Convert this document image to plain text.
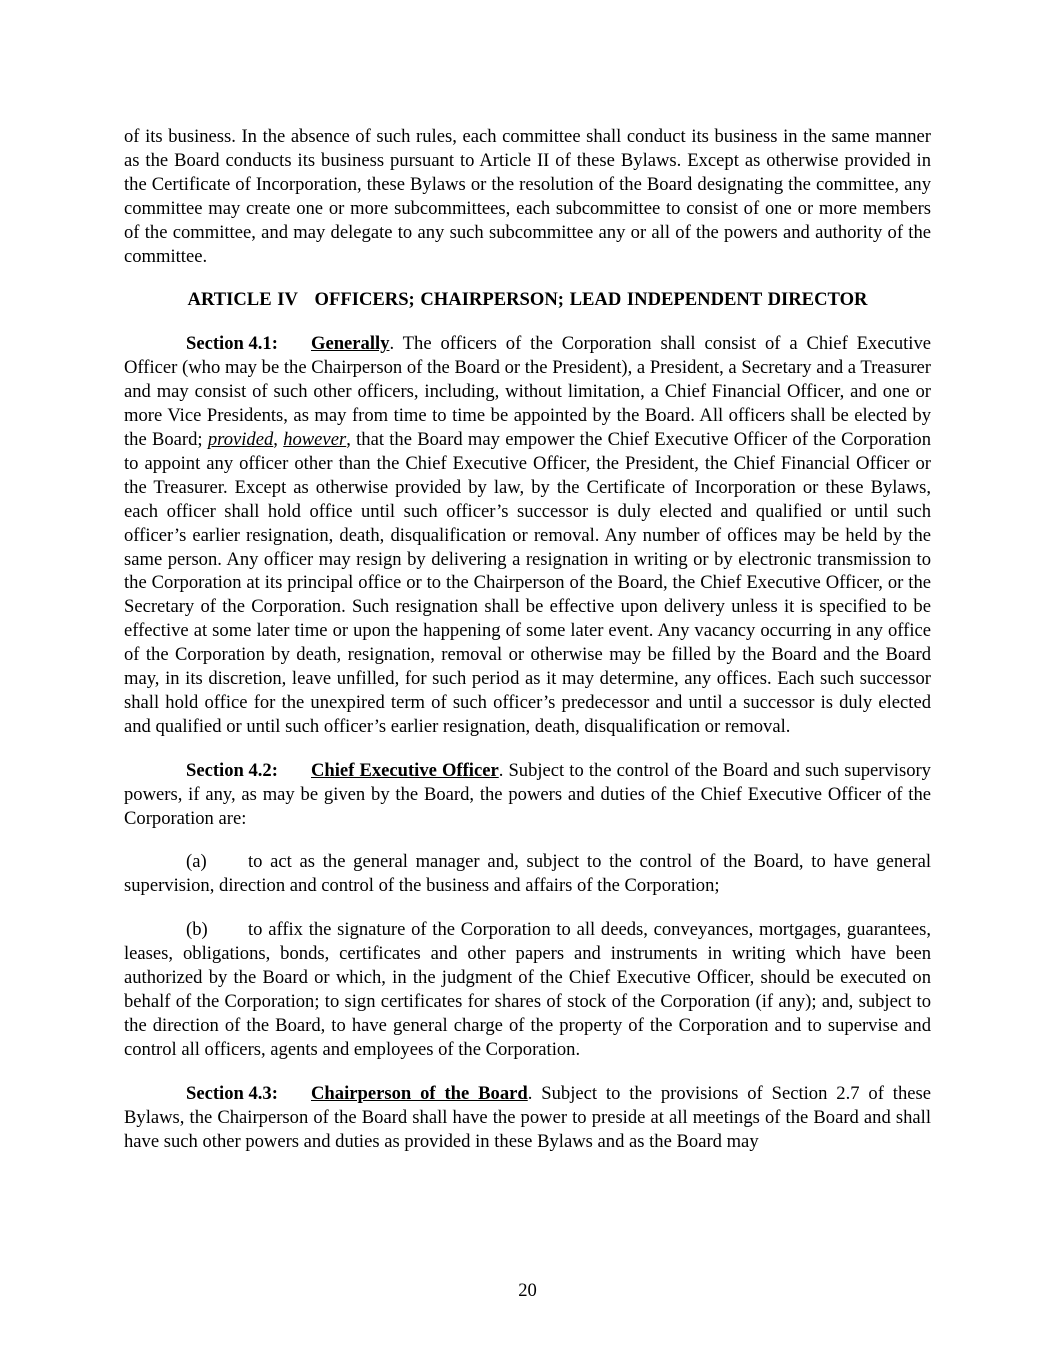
of its business. In the absence of such rules, each committee shall conduct its business in the same manner as the Board conducts its business pursuant to Article II of these Bylaws. Except as otherwise provided in the Certificate of Incorporation, these Bylaws or the resolution of the Board designating the committee, any committee may create one or more subcommittees, each subcommittee to consist of one or more members of the committee, and may delegate to any such subcommittee any or all of the powers and authority of the committee.

ARTICLE IV   OFFICERS; CHAIRPERSON; LEAD INDEPENDENT DIRECTOR

Section 4.1: Generally. The officers of the Corporation shall consist of a Chief Executive Officer (who may be the Chairperson of the Board or the President), a President, a Secretary and a Treasurer and may consist of such other officers, including, without limitation, a Chief Financial Officer, and one or more Vice Presidents, as may from time to time be appointed by the Board. All officers shall be elected by the Board; provided, however, that the Board may empower the Chief Executive Officer of the Corporation to appoint any officer other than the Chief Executive Officer, the President, the Chief Financial Officer or the Treasurer. Except as otherwise provided by law, by the Certificate of Incorporation or these Bylaws, each officer shall hold office until such officer’s successor is duly elected and qualified or until such officer’s earlier resignation, death, disqualification or removal. Any number of offices may be held by the same person. Any officer may resign by delivering a resignation in writing or by electronic transmission to the Corporation at its principal office or to the Chairperson of the Board, the Chief Executive Officer, or the Secretary of the Corporation. Such resignation shall be effective upon delivery unless it is specified to be effective at some later time or upon the happening of some later event. Any vacancy occurring in any office of the Corporation by death, resignation, removal or otherwise may be filled by the Board and the Board may, in its discretion, leave unfilled, for such period as it may determine, any offices. Each such successor shall hold office for the unexpired term of such officer’s predecessor and until a successor is duly elected and qualified or until such officer’s earlier resignation, death, disqualification or removal.

Section 4.2: Chief Executive Officer. Subject to the control of the Board and such supervisory powers, if any, as may be given by the Board, the powers and duties of the Chief Executive Officer of the Corporation are:

(a) to act as the general manager and, subject to the control of the Board, to have general supervision, direction and control of the business and affairs of the Corporation;

(b) to affix the signature of the Corporation to all deeds, conveyances, mortgages, guarantees, leases, obligations, bonds, certificates and other papers and instruments in writing which have been authorized by the Board or which, in the judgment of the Chief Executive Officer, should be executed on behalf of the Corporation; to sign certificates for shares of stock of the Corporation (if any); and, subject to the direction of the Board, to have general charge of the property of the Corporation and to supervise and control all officers, agents and employees of the Corporation.

Section 4.3: Chairperson of the Board. Subject to the provisions of Section 2.7 of these Bylaws, the Chairperson of the Board shall have the power to preside at all meetings of the Board and shall have such other powers and duties as provided in these Bylaws and as the Board may

20
